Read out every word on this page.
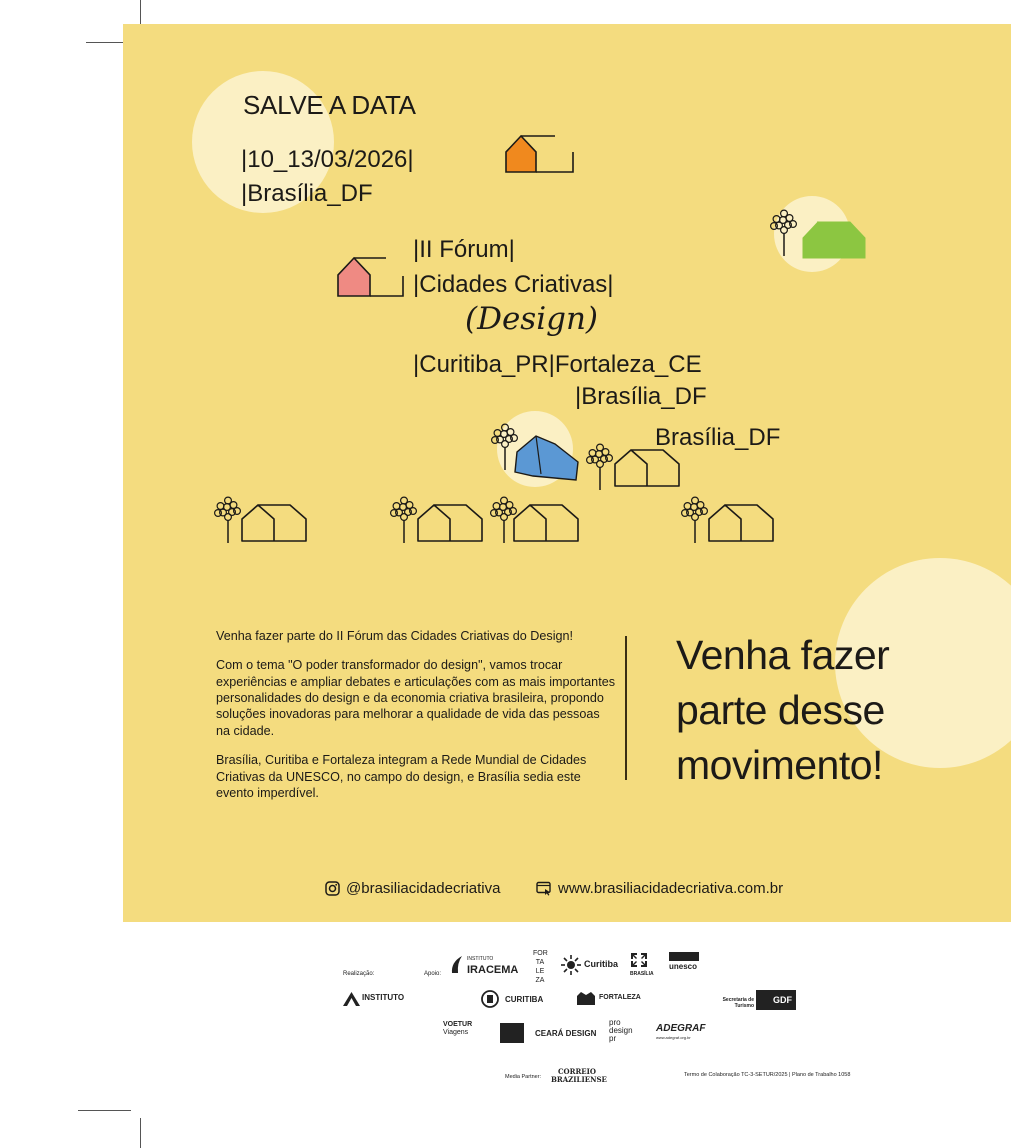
SALVE A DATA
|10_13/03/2026|
|Brasília_DF
|II Fórum|
|Cidades Criativas|
(Design)
|Curitiba_PR|Fortaleza_CE
|Brasília_DF
Brasília_DF

Venha fazer parte do II Fórum das Cidades Criativas do Design!

Com o tema "O poder transformador do design", vamos trocar experiências e ampliar debates e articulações com as mais importantes personalidades do design e da economia criativa brasileira, propondo soluções inovadoras para melhorar a qualidade de vida das pessoas na cidade.

Brasília, Curitiba e Fortaleza integram a Rede Mundial de Cidades Criativas da UNESCO, no campo do design, e Brasília sedia este evento imperdível.

Venha fazer
parte desse
movimento!
@brasiliacidadecriativa	www.brasiliacidadecriativa.com.br
Realização:	Apoio:
INSTITUTO
IRACEMA
FOR TA LE ZA
Curitiba
BRASÍLIA
unesco
INSTITUTO	CURITIBA	FORTALEZA	Secretaria de Turismo
GDF
VOETUR
Viagens	CEARÁ DESIGN
pro design pr
ADEGRAF
www.adegraf.org.br
Media Partner:
CORREIO BRAZILIENSE	Termo de Colaboração TC-3-SETUR/2025 | Plano de Trabalho 1058
